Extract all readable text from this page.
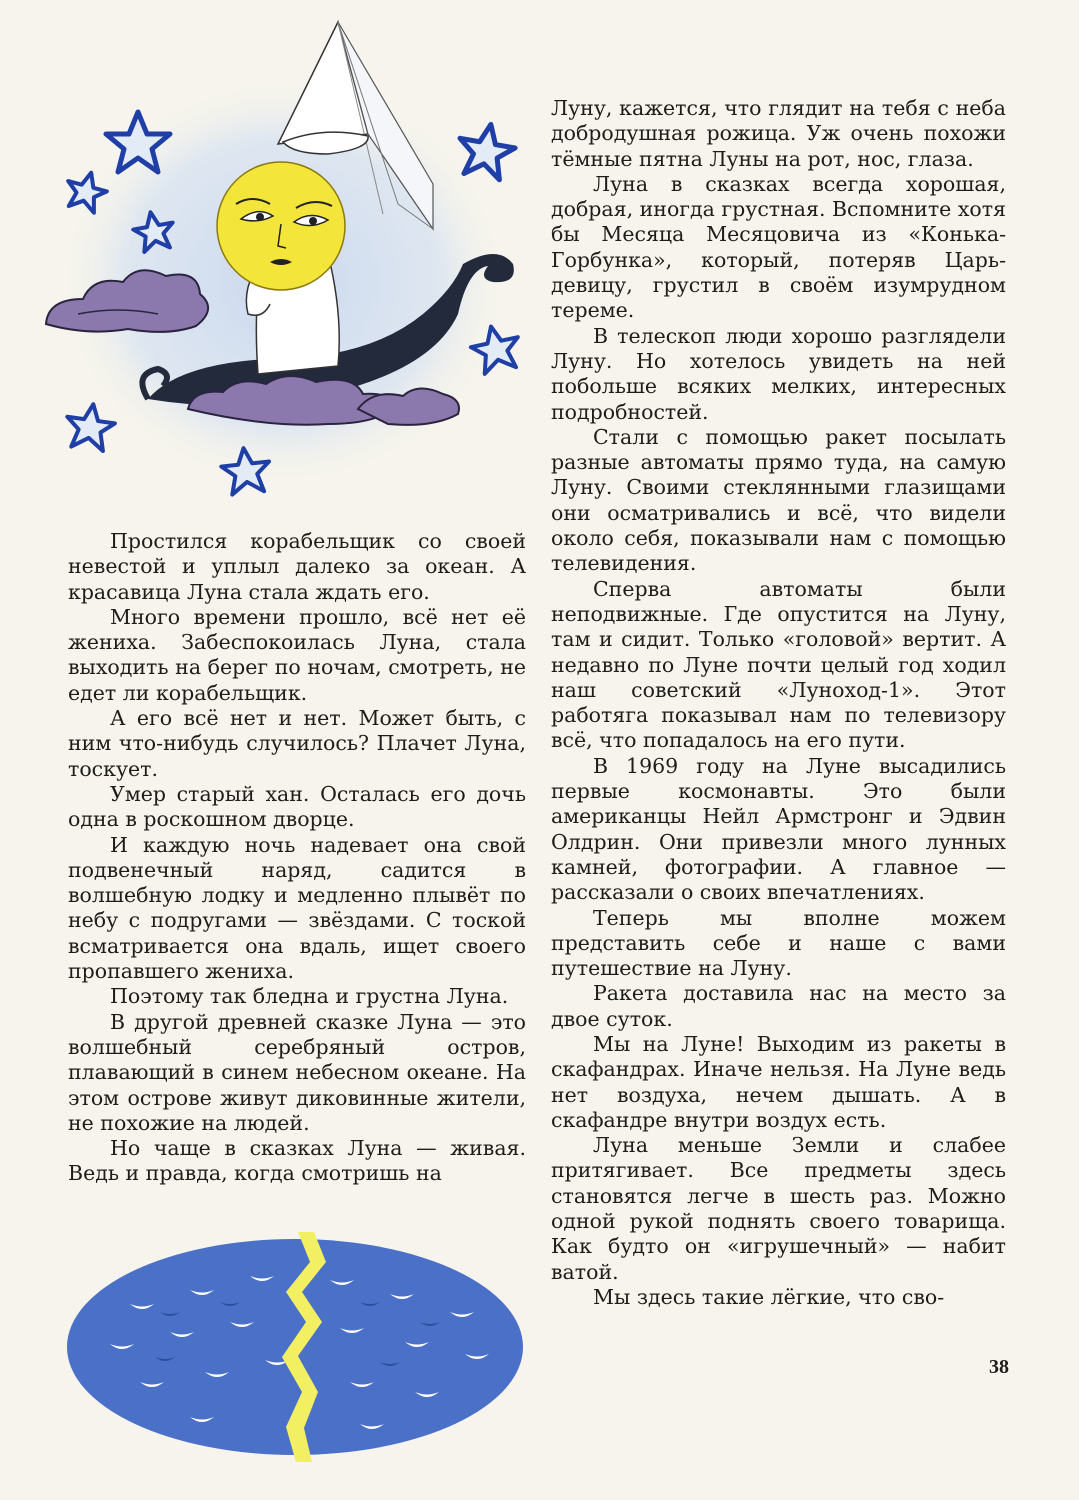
Простился корабельщик со своей невестой и уплыл далеко за океан. А красавица Луна стала ждать его.

Много времени прошло, всё нет её жениха. Забеспокоилась Луна, стала выходить на берег по ночам, смотреть, не едет ли корабельщик.

А его всё нет и нет. Может быть, с ним что-нибудь случилось? Плачет Луна, тоскует.

Умер старый хан. Осталась его дочь одна в роскошном дворце.

И каждую ночь надевает она свой подвенечный наряд, садится в волшебную лодку и медленно плывёт по небу с подругами — звёздами. С тоской всматривается она вдаль, ищет своего пропавшего жениха.

Поэтому так бледна и грустна Луна.

В другой древней сказке Луна — это волшебный серебряный остров, плавающий в синем небесном океане. На этом острове живут диковинные жители, не похожие на людей.

Но чаще в сказках Луна — живая. Ведь и правда, когда смотришь на

Луну, кажется, что глядит на тебя с неба добродушная рожица. Уж очень похожи тёмные пятна Луны на рот, нос, глаза.

Луна в сказках всегда хорошая, добрая, иногда грустная. Вспомните хотя бы Месяца Месяцовича из «Конька-Горбунка», который, потеряв Царь-девицу, грустил в своём изумрудном тереме.

В телескоп люди хорошо разглядели Луну. Но хотелось увидеть на ней побольше всяких мелких, интересных подробностей.

Стали с помощью ракет посылать разные автоматы прямо туда, на самую Луну. Своими стеклянными глазищами они осматривались и всё, что видели около себя, показывали нам с помощью телевидения.

Сперва автоматы были неподвижные. Где опустится на Луну, там и сидит. Только «головой» вертит. А недавно по Луне почти целый год ходил наш советский «Луноход-1». Этот работяга показывал нам по телевизору всё, что попадалось на его пути.

В 1969 году на Луне высадились первые космонавты. Это были американцы Нейл Армстронг и Эдвин Олдрин. Они привезли много лунных камней, фотографии. А главное — рассказали о своих впечатлениях.

Теперь мы вполне можем представить себе и наше с вами путешествие на Луну.

Ракета доставила нас на место за двое суток.

Мы на Луне! Выходим из ракеты в скафандрах. Иначе нельзя. На Луне ведь нет воздуха, нечем дышать. А в скафандре внутри воздух есть.

Луна меньше Земли и слабее притягивает. Все предметы здесь становятся легче в шесть раз. Можно одной рукой поднять своего товарища. Как будто он «игрушечный» — набит ватой.

Мы здесь такие лёгкие, что сво-

38
